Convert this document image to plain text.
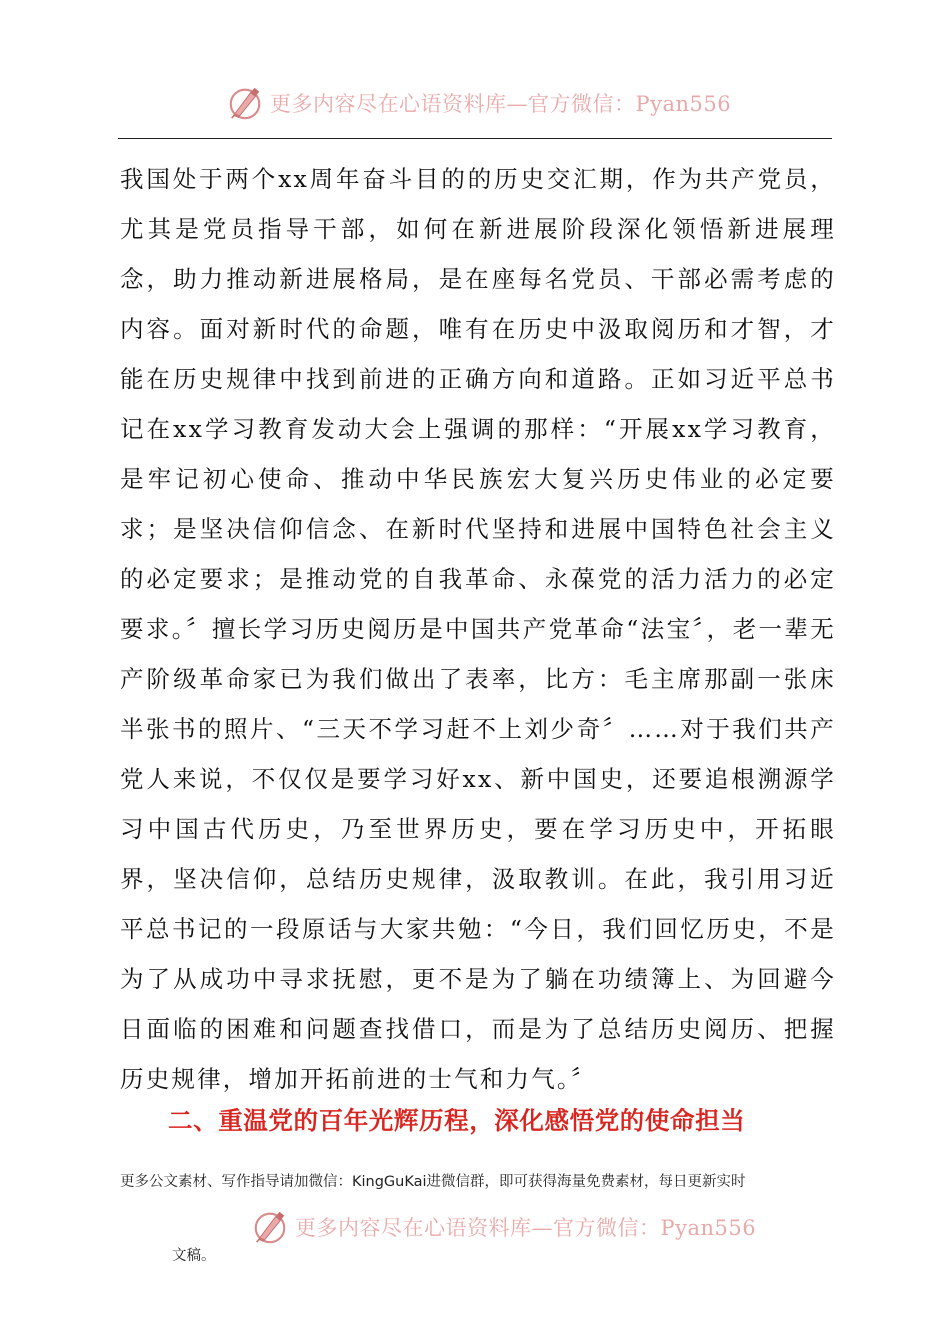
更多内容尽在心语资料库—官方微信：Pyan556

我国处于两个xx周年奋斗目的的历史交汇期，作为共产党员，尤其是党员指导干部，如何在新进展阶段深化领悟新进展理念，助力推动新进展格局，是在座每名党员、干部必需考虑的内容。面对新时代的命题，唯有在历史中汲取阅历和才智，才能在历史规律中找到前进的正确方向和道路。正如习近平总书记在xx学习教育发动大会上强调的那样：“开展xx学习教育，是牢记初心使命、推动中华民族宏大复兴历史伟业的必定要求；是坚决信仰信念、在新时代坚持和进展中国特色社会主义的必定要求；是推动党的自我革命、永葆党的活力活力的必定要求。〞擅长学习历史阅历是中国共产党革命“法宝〞，老一辈无产阶级革命家已为我们做出了表率，比方：毛主席那副一张床半张书的照片、“三天不学习赶不上刘少奇〞……对于我们共产党人来说，不仅仅是要学习好xx、新中国史，还要追根溯源学习中国古代历史，乃至世界历史，要在学习历史中，开拓眼界，坚决信仰，总结历史规律，汲取教训。在此，我引用习近平总书记的一段原话与大家共勉：“今日，我们回忆历史，不是为了从成功中寻求抚慰，更不是为了躺在功绩簿上、为回避今日面临的困难和问题查找借口，而是为了总结历史阅历、把握历史规律，增加开拓前进的士气和力气。〞

二、重温党的百年光辉历程，深化感悟党的使命担当
更多公文素材、写作指导请加微信：KingGuKai进微信群，即可获得海量免费素材，每日更新实时
更多内容尽在心语资料库—官方微信：Pyan556
文稿。
